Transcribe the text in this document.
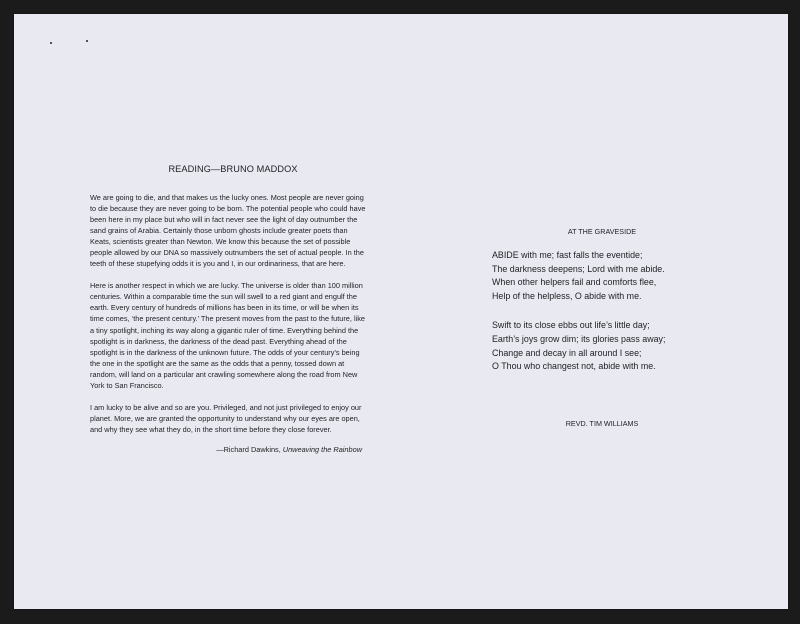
READING—BRUNO MADDOX

We are going to die, and that makes us the lucky ones. Most people are never going to die because they are never going to be born. The potential people who could have been here in my place but who will in fact never see the light of day outnumber the sand grains of Arabia. Certainly those unborn ghosts include greater poets than Keats, scientists greater than Newton. We know this because the set of possible people allowed by our DNA so massively outnumbers the set of actual people. In the teeth of these stupefying odds it is you and I, in our ordinariness, that are here.

Here is another respect in which we are lucky. The universe is older than 100 million centuries. Within a comparable time the sun will swell to a red giant and engulf the earth. Every century of hundreds of millions has been in its time, or will be when its time comes, ‘the present century.’ The present moves from the past to the future, like a tiny spotlight, inching its way along a gigantic ruler of time. Everything behind the spotlight is in darkness, the darkness of the dead past. Everything ahead of the spotlight is in the darkness of the unknown future. The odds of your century’s being the one in the spotlight are the same as the odds that a penny, tossed down at random, will land on a particular ant crawling somewhere along the road from New York to San Francisco.

I am lucky to be alive and so are you. Privileged, and not just privileged to enjoy our planet. More, we are granted the opportunity to understand why our eyes are open, and why they see what they do, in the short time before they close forever.

—Richard Dawkins, Unweaving the Rainbow
AT THE GRAVESIDE
ABIDE with me; fast falls the eventide;
The darkness deepens; Lord with me abide.
When other helpers fail and comforts flee,
Help of the helpless, O abide with me.
Swift to its close ebbs out life’s little day;
Earth’s joys grow dim; its glories pass away;
Change and decay in all around I see;
O Thou who changest not, abide with me.
REVD. TIM WILLIAMS
